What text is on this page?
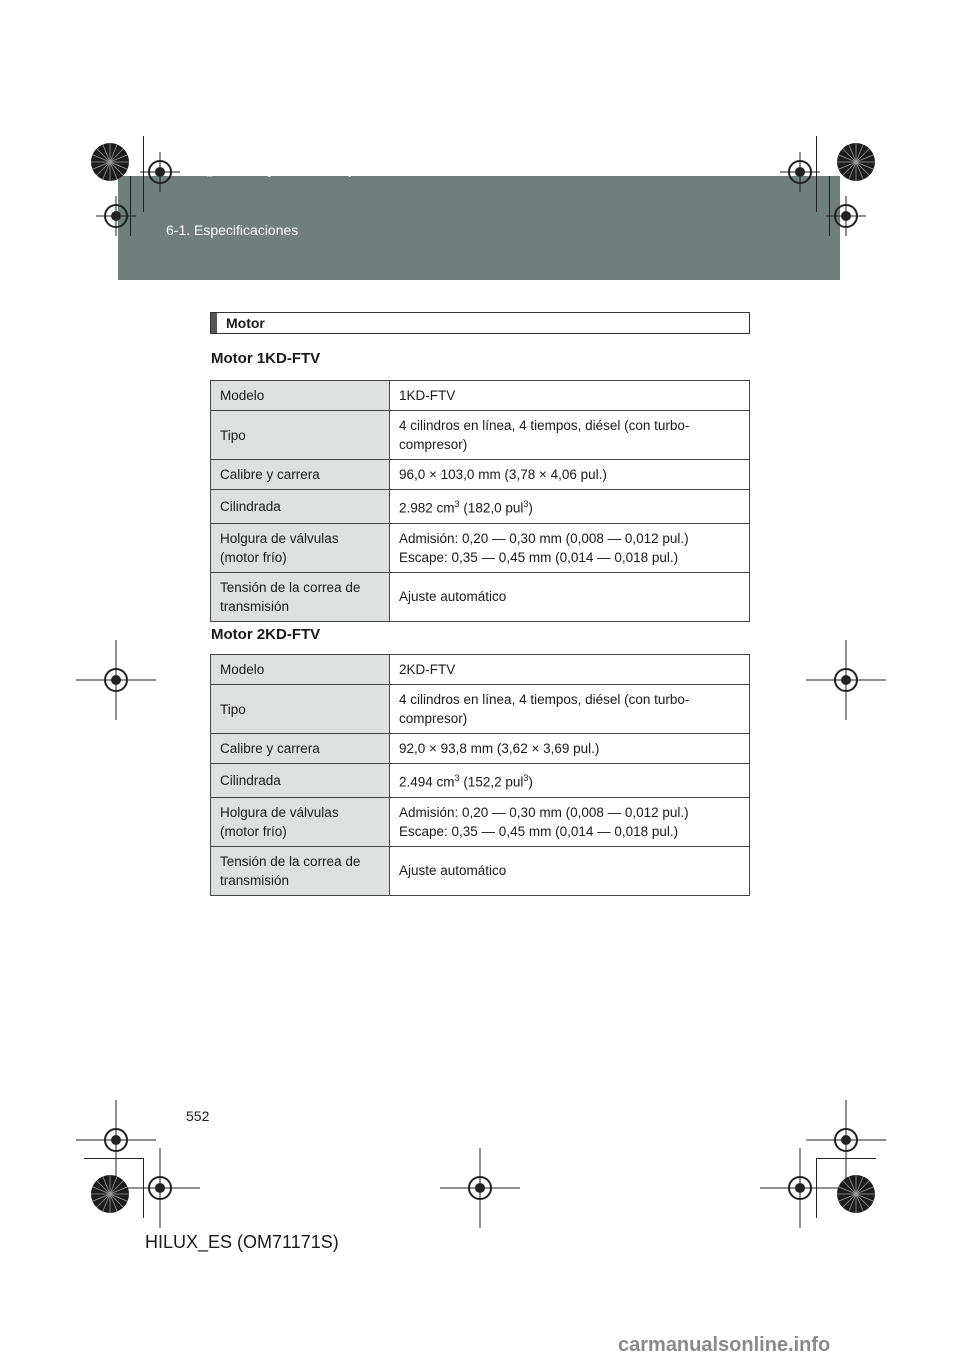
HILUX_ES.book Page 552 Wednesday, March 23, 2011 4:15 PM
6-1. Especificaciones
Motor
Motor 1KD-FTV
Modelo	1KD-FTV
Tipo	4 cilindros en línea, 4 tiempos, diésel (con turbo-
compresor)
Calibre y carrera	96,0 × 103,0 mm (3,78 × 4,06 pul.)
Cilindrada	2.982 $cm^3$ (182,0 pul$^3$)
Holgura de válvulas
(motor frío)	Admisión: 0,20 — 0,30 mm (0,008 — 0,012 pul.)
Escape: 0,35 — 0,45 mm (0,014 — 0,018 pul.)
Tensión de la correa de
transmisión	Ajuste automático
Motor 2KD-FTV
Modelo	2KD-FTV
Tipo	4 cilindros en línea, 4 tiempos, diésel (con turbo-
compresor)
Calibre y carrera	92,0 × 93,8 mm (3,62 × 3,69 pul.)
Cilindrada	2.494 $cm^3$ (152,2 pul$^3$)
Holgura de válvulas
(motor frío)	Admisión: 0,20 — 0,30 mm (0,008 — 0,012 pul.)
Escape: 0,35 — 0,45 mm (0,014 — 0,018 pul.)
Tensión de la correa de
transmisión	Ajuste automático
552
HILUX_ES (OM71171S)
carmanualsonline.info
